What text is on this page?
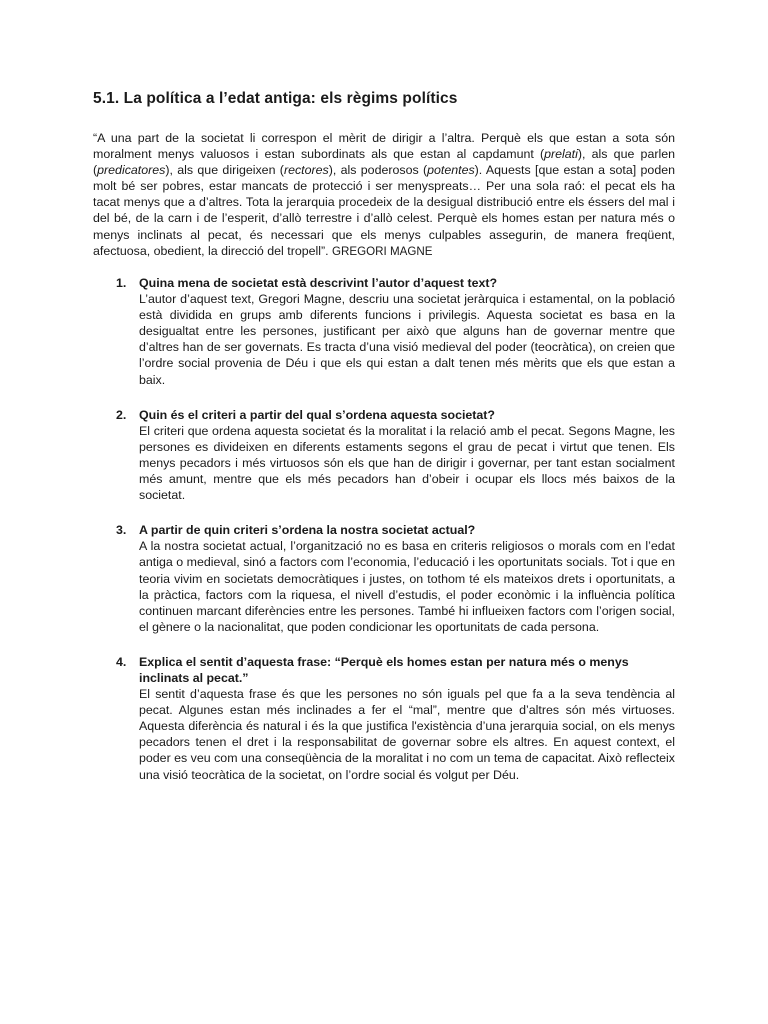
5.1. La política a l’edat antiga: els règims polítics

“A una part de la societat li correspon el mèrit de dirigir a l’altra. Perquè els que estan a sota són moralment menys valuosos i estan subordinats als que estan al capdamunt (prelati), als que parlen (predicatores), als que dirigeixen (rectores), als poderosos (potentes). Aquests [que estan a sota] poden molt bé ser pobres, estar mancats de protecció i ser menyspreats… Per una sola raó: el pecat els ha tacat menys que a d’altres. Tota la jerarquia procedeix de la desigual distribució entre els éssers del mal i del bé, de la carn i de l’esperit, d’allò terrestre i d’allò celest. Perquè els homes estan per natura més o menys inclinats al pecat, és necessari que els menys culpables assegurin, de manera freqüent, afectuosa, obedient, la direcció del tropell”. GREGORI MAGNE

1. Quina mena de societat està descrivint l’autor d’aquest text?

L’autor d’aquest text, Gregori Magne, descriu una societat jeràrquica i estamental, on la població està dividida en grups amb diferents funcions i privilegis. Aquesta societat es basa en la desigualtat entre les persones, justificant per això que alguns han de governar mentre que d’altres han de ser governats. Es tracta d’una visió medieval del poder (teocràtica), on creien que l’ordre social provenia de Déu i que els qui estan a dalt tenen més mèrits que els que estan a baix.

2. Quin és el criteri a partir del qual s’ordena aquesta societat?

El criteri que ordena aquesta societat és la moralitat i la relació amb el pecat. Segons Magne, les persones es divideixen en diferents estaments segons el grau de pecat i virtut que tenen. Els menys pecadors i més virtuosos són els que han de dirigir i governar, per tant estan socialment més amunt, mentre que els més pecadors han d’obeir i ocupar els llocs més baixos de la societat.

3. A partir de quin criteri s’ordena la nostra societat actual?

A la nostra societat actual, l’organització no es basa en criteris religiosos o morals com en l’edat antiga o medieval, sinó a factors com l’economia, l’educació i les oportunitats socials. Tot i que en teoria vivim en societats democràtiques i justes, on tothom té els mateixos drets i oportunitats, a la pràctica, factors com la riquesa, el nivell d’estudis, el poder econòmic i la influència política continuen marcant diferències entre les persones. També hi influeixen factors com l’origen social, el gènere o la nacionalitat, que poden condicionar les oportunitats de cada persona.

4. Explica el sentit d’aquesta frase: “Perquè els homes estan per natura més o menys inclinats al pecat.”

El sentit d’aquesta frase és que les persones no són iguals pel que fa a la seva tendència al pecat. Algunes estan més inclinades a fer el “mal”, mentre que d’altres són més virtuoses. Aquesta diferència és natural i és la que justifica l'existència d’una jerarquia social, on els menys pecadors tenen el dret i la responsabilitat de governar sobre els altres. En aquest context, el poder es veu com una conseqüència de la moralitat i no com un tema de capacitat. Això reflecteix una visió teocràtica de la societat, on l’ordre social és volgut per Déu.
